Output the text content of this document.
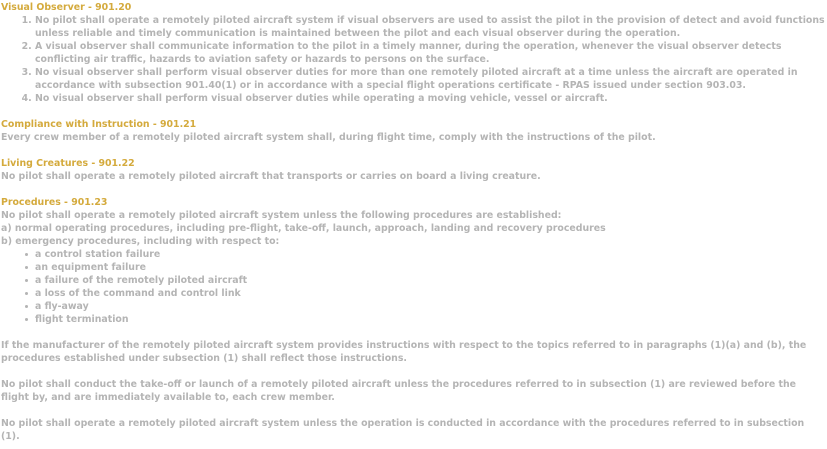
Visual Observer - 901.20
1. No pilot shall operate a remotely piloted aircraft system if visual observers are used to assist the pilot in the provision of detect and avoid functions unless reliable and timely communication is maintained between the pilot and each visual observer during the operation.
2. A visual observer shall communicate information to the pilot in a timely manner, during the operation, whenever the visual observer detects conflicting air traffic, hazards to aviation safety or hazards to persons on the surface.
3. No visual observer shall perform visual observer duties for more than one remotely piloted aircraft at a time unless the aircraft are operated in accordance with subsection 901.40(1) or in accordance with a special flight operations certificate - RPAS issued under section 903.03.
4. No visual observer shall perform visual observer duties while operating a moving vehicle, vessel or aircraft.
Compliance with Instruction - 901.21
Every crew member of a remotely piloted aircraft system shall, during flight time, comply with the instructions of the pilot.
Living Creatures - 901.22
No pilot shall operate a remotely piloted aircraft that transports or carries on board a living creature.
Procedures - 901.23
No pilot shall operate a remotely piloted aircraft system unless the following procedures are established:
a) normal operating procedures, including pre-flight, take-off, launch, approach, landing and recovery procedures
b) emergency procedures, including with respect to:
a control station failure
an equipment failure
a failure of the remotely piloted aircraft
a loss of the command and control link
a fly-away
flight termination
If the manufacturer of the remotely piloted aircraft system provides instructions with respect to the topics referred to in paragraphs (1)(a) and (b), the procedures established under subsection (1) shall reflect those instructions.
No pilot shall conduct the take-off or launch of a remotely piloted aircraft unless the procedures referred to in subsection (1) are reviewed before the flight by, and are immediately available to, each crew member.
No pilot shall operate a remotely piloted aircraft system unless the operation is conducted in accordance with the procedures referred to in subsection (1).
